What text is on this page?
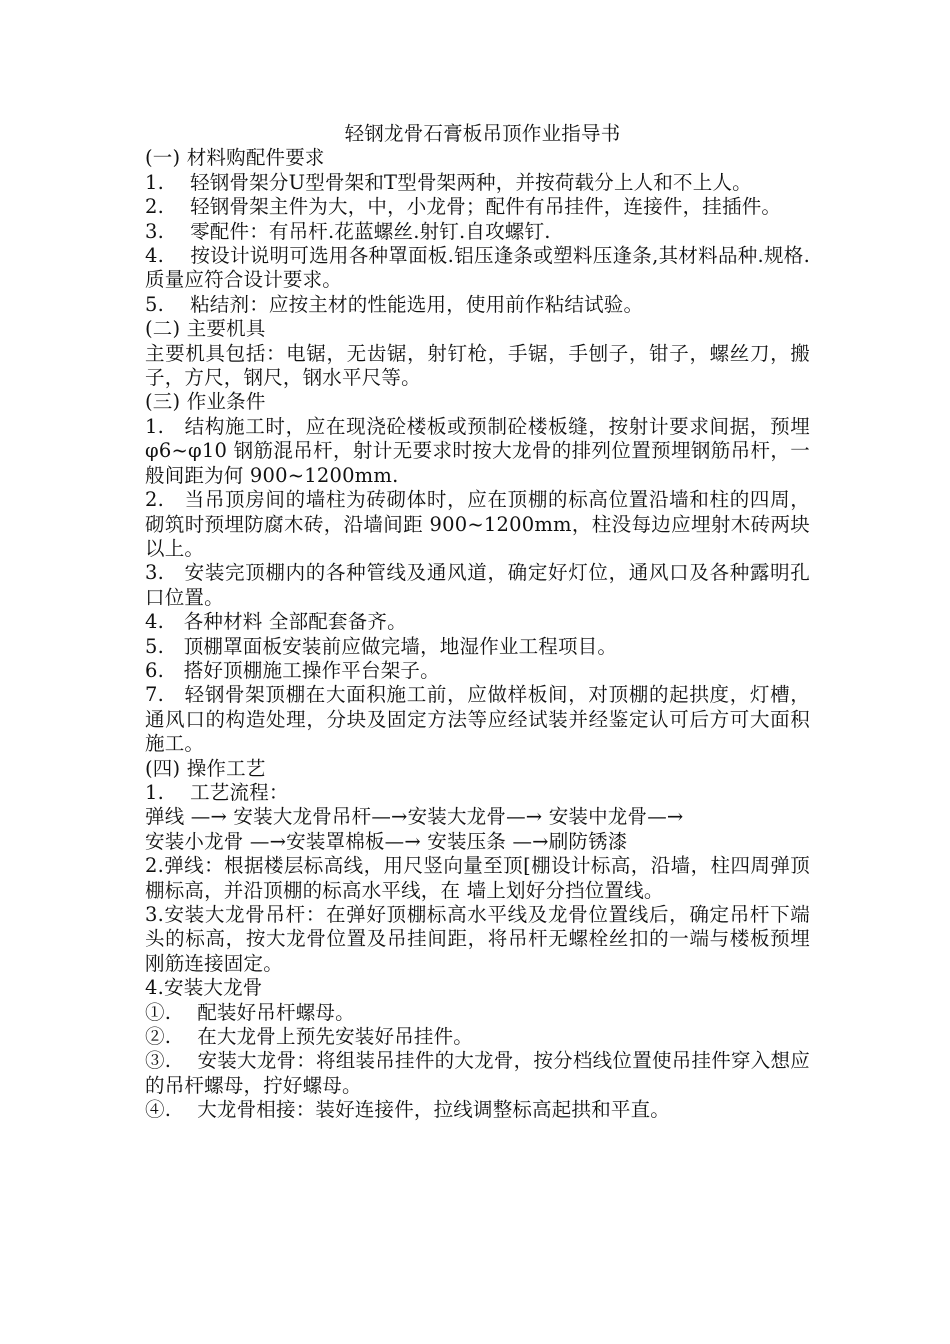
轻钢龙骨石膏板吊顶作业指导书

(一) 材料购配件要求

1.　 轻钢骨架分U型骨架和T型骨架两种，并按荷载分上人和不上人。

2.　 轻钢骨架主件为大，中，小龙骨；配件有吊挂件，连接件，挂插件。

3.　 零配件：有吊杆.花蓝螺丝.射钉.自攻螺钉.

4.　 按设计说明可选用各种罩面板.铝压逢条或塑料压逢条,其材料品种.规格.质量应符合设计要求。

5.　 粘结剂：应按主材的性能选用，使用前作粘结试验。

(二) 主要机具

主要机具包括：电锯，无齿锯，射钉枪，手锯，手刨子，钳子，螺丝刀，搬子，方尺，钢尺，钢水平尺等。

(三) 作业条件

1.　结构施工时，应在现浇砼楼板或预制砼楼板缝，按射计要求间据，预埋 φ6~φ10 钢筋混吊杆，射计无要求时按大龙骨的排列位置预埋钢筋吊杆，一般间距为何 900~1200mm.

2.　当吊顶房间的墙柱为砖砌体时，应在顶棚的标高位置沿墙和柱的四周，砌筑时预埋防腐木砖，沿墙间距 900~1200mm，柱没每边应埋射木砖两块以上。

3.　安装完顶棚内的各种管线及通风道，确定好灯位，通风口及各种露明孔口位置。

4.　各种材料 全部配套备齐。

5.　顶棚罩面板安装前应做完墙，地湿作业工程项目。

6.　搭好顶棚施工操作平台架子。

7.　轻钢骨架顶棚在大面积施工前，应做样板间，对顶棚的起拱度，灯槽，通风口的构造处理，分块及固定方法等应经试装并经鉴定认可后方可大面积施工。

(四) 操作工艺

1.　 工艺流程：

弹线 —→ 安装大龙骨吊杆—→安装大龙骨—→ 安装中龙骨—→

安装小龙骨 —→安装罩棉板—→ 安装压条 —→刷防锈漆

2.弹线：根据楼层标高线，用尺竖向量至顶[棚设计标高，沿墙，柱四周弹顶棚标高，并沿顶棚的标高水平线，在 墙上划好分挡位置线。

3.安装大龙骨吊杆：在弹好顶棚标高水平线及龙骨位置线后，确定吊杆下端头的标高，按大龙骨位置及吊挂间距，将吊杆无螺栓丝扣的一端与楼板预埋刚筋连接固定。

4.安装大龙骨

①.　 配装好吊杆螺母。

②.　 在大龙骨上预先安装好吊挂件。

③.　 安装大龙骨：将组装吊挂件的大龙骨，按分档线位置使吊挂件穿入想应的吊杆螺母，拧好螺母。

④.　 大龙骨相接：装好连接件，拉线调整标高起拱和平直。
